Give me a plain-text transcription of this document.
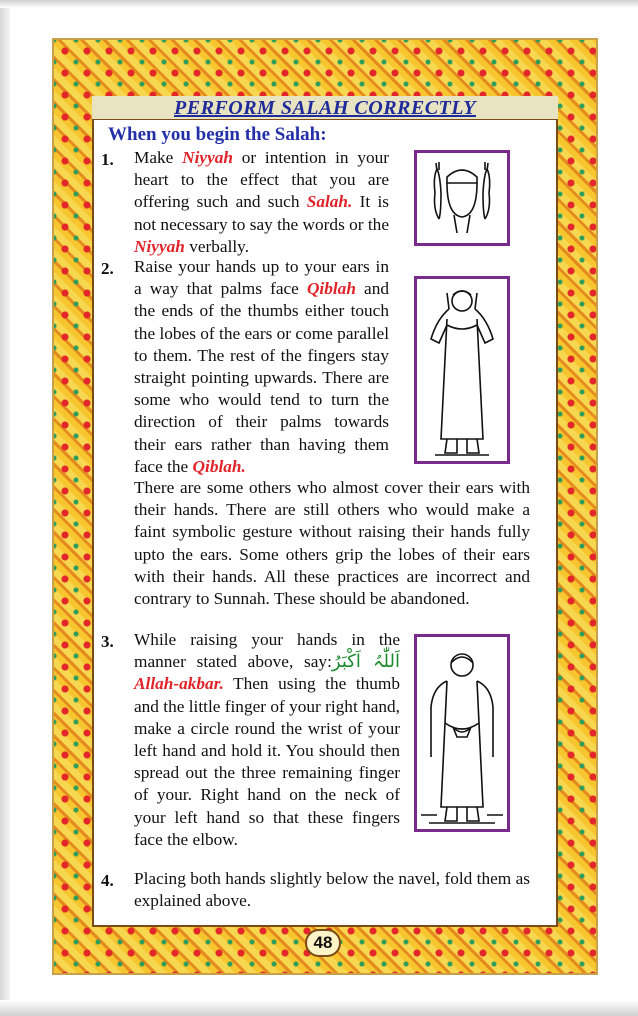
PERFORM SALAH CORRECTLY
When you begin the Salah:
1. Make Niyyah or intention in your heart to the effect that you are offering such and such Salah. It is not necessary to say the words or the Niyyah verbally.
2. Raise your hands up to your ears in a way that palms face Qiblah and the ends of the thumbs either touch the lobes of the ears or come parallel to them. The rest of the fingers stay straight pointing upwards. There are some who would tend to turn the direction of their palms towards their ears rather than having them face the Qiblah.
There are some others who almost cover their ears with their hands. There are still others who would make a faint symbolic gesture without raising their hands fully upto the ears. Some others grip the lobes of their ears with their hands. All these practices are incorrect and contrary to Sunnah. These should be abandoned.
3. While raising your hands in the manner stated above, say:اَللّٰہُ اَکْبَرُ Allah-akbar. Then using the thumb and the little finger of your right hand, make a circle round the wrist of your left hand and hold it. You should then spread out the three remaining finger of your. Right hand on the neck of your left hand so that these fingers face the elbow.
4. Placing both hands slightly below the navel, fold them as explained above.
48
